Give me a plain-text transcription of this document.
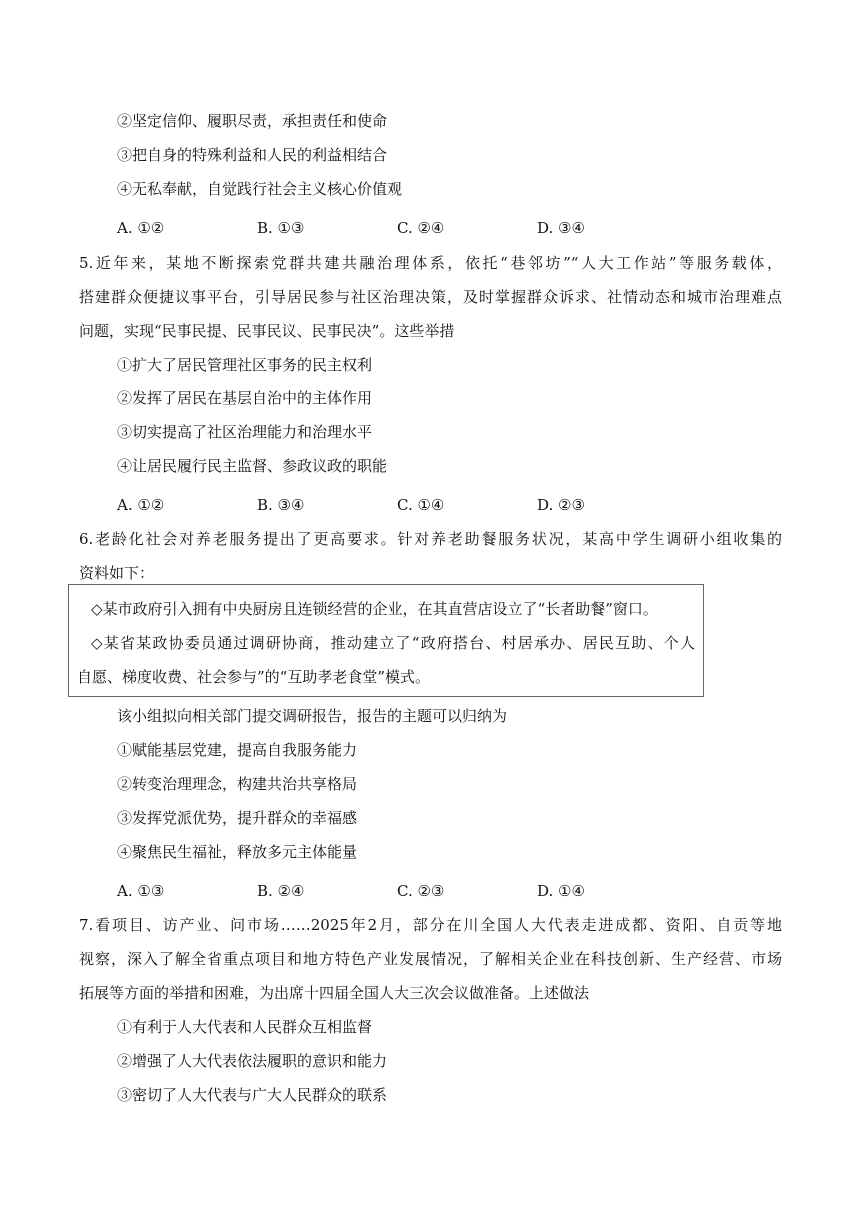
②坚定信仰、履职尽责，承担责任和使命
③把自身的特殊利益和人民的利益相结合
④无私奉献，自觉践行社会主义核心价值观
A. ①②	B. ①③	C. ②④	D. ③④
5.近年来，某地不断探索党群共建共融治理体系，依托“巷邻坊”“人大工作站”等服务载体，
搭建群众便捷议事平台，引导居民参与社区治理决策，及时掌握群众诉求、社情动态和城市治理难点
问题，实现“民事民提、民事民议、民事民决”。这些举措
①扩大了居民管理社区事务的民主权利
②发挥了居民在基层自治中的主体作用
③切实提高了社区治理能力和治理水平
④让居民履行民主监督、参政议政的职能
A. ①②	B. ③④	C. ①④	D. ②③
6.老龄化社会对养老服务提出了更高要求。针对养老助餐服务状况，某高中学生调研小组收集的
资料如下：
◇某市政府引入拥有中央厨房且连锁经营的企业，在其直营店设立了“长者助餐”窗口。
◇某省某政协委员通过调研协商，推动建立了“政府搭台、村居承办、居民互助、个人
自愿、梯度收费、社会参与”的“互助孝老食堂”模式。
该小组拟向相关部门提交调研报告，报告的主题可以归纳为
①赋能基层党建，提高自我服务能力
②转变治理理念，构建共治共享格局
③发挥党派优势，提升群众的幸福感
④聚焦民生福祉，释放多元主体能量
A. ①③	B. ②④	C. ②③	D. ①④
7.看项目、访产业、问市场……2025年2月，部分在川全国人大代表走进成都、资阳、自贡等地
视察，深入了解全省重点项目和地方特色产业发展情况，了解相关企业在科技创新、生产经营、市场
拓展等方面的举措和困难，为出席十四届全国人大三次会议做准备。上述做法
①有利于人大代表和人民群众互相监督
②增强了人大代表依法履职的意识和能力
③密切了人大代表与广大人民群众的联系
